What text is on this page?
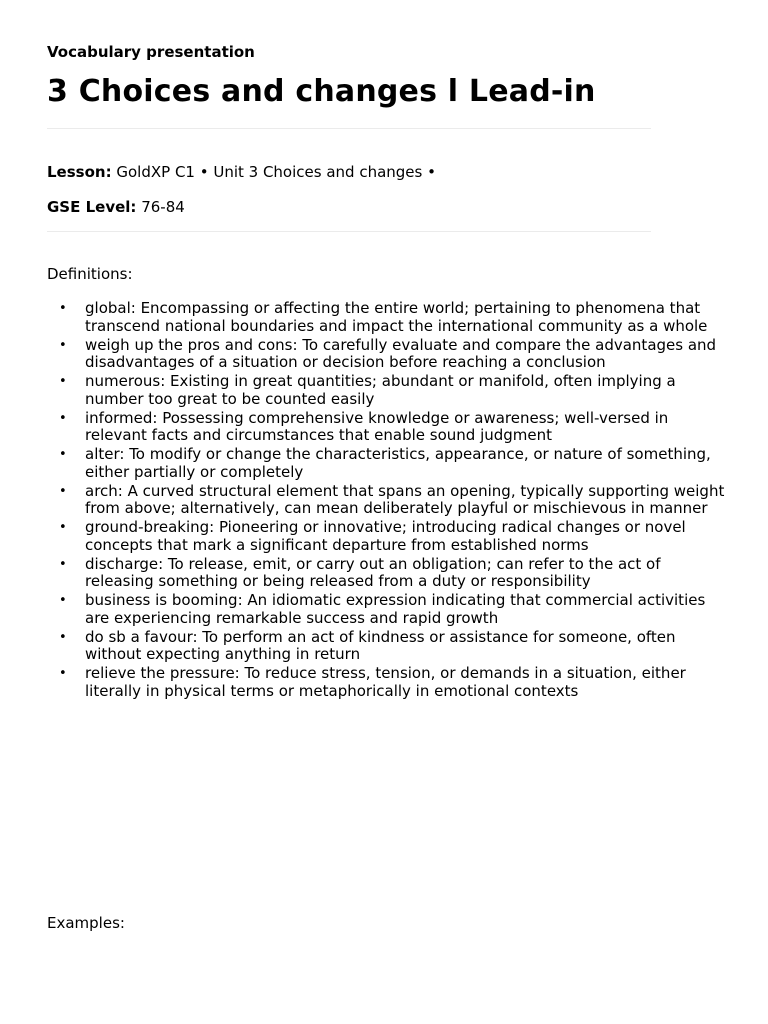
Vocabulary presentation
3 Choices and changes l Lead-in
Lesson: GoldXP C1 • Unit 3 Choices and changes •
GSE Level: 76-84
Definitions:
• global: Encompassing or affecting the entire world; pertaining to phenomena that transcend national boundaries and impact the international community as a whole
• weigh up the pros and cons: To carefully evaluate and compare the advantages and disadvantages of a situation or decision before reaching a conclusion
• numerous: Existing in great quantities; abundant or manifold, often implying a number too great to be counted easily
• informed: Possessing comprehensive knowledge or awareness; well-versed in relevant facts and circumstances that enable sound judgment
• alter: To modify or change the characteristics, appearance, or nature of something, either partially or completely
• arch: A curved structural element that spans an opening, typically supporting weight from above; alternatively, can mean deliberately playful or mischievous in manner
• ground-breaking: Pioneering or innovative; introducing radical changes or novel concepts that mark a significant departure from established norms
• discharge: To release, emit, or carry out an obligation; can refer to the act of releasing something or being released from a duty or responsibility
• business is booming: An idiomatic expression indicating that commercial activities are experiencing remarkable success and rapid growth
• do sb a favour: To perform an act of kindness or assistance for someone, often without expecting anything in return
• relieve the pressure: To reduce stress, tension, or demands in a situation, either literally in physical terms or metaphorically in emotional contexts
Examples:
